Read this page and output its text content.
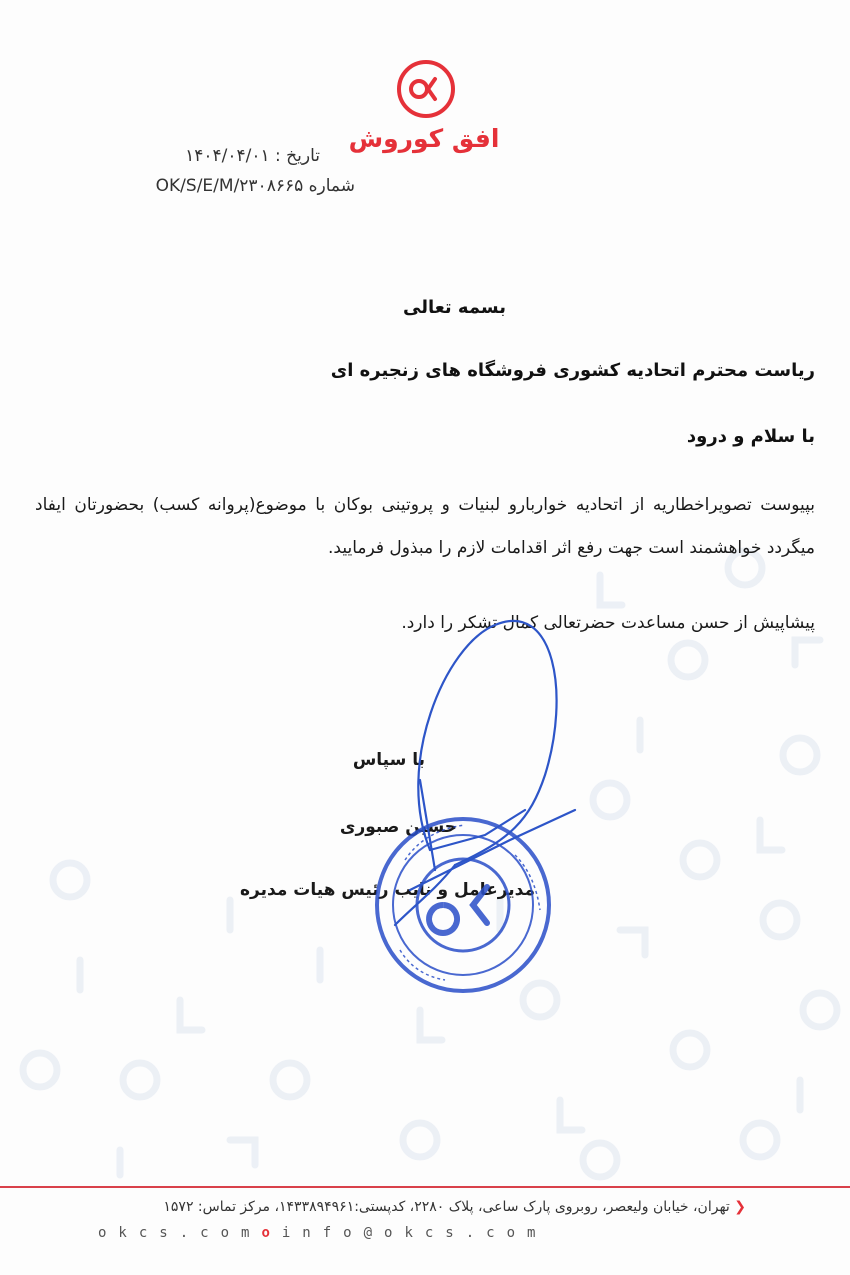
افق کوروش
تاریخ : ۱۴۰۴/۰۴/۰۱
شماره OK/S/E/M/۲۳۰۸۶۶۵
بسمه تعالی
ریاست محترم اتحادیه کشوری فروشگاه های زنجیره ای
با سلام و درود

بپیوست تصویراخطاریه از اتحادیه خواربارو لبنیات و پروتینی بوکان با موضوع(پروانه کسب) بحضورتان ایفاد میگردد خواهشمند است جهت رفع اثر اقدامات لازم را مبذول فرمایید.

پیشاپیش از حسن مساعدت حضرتعالی کمال تشکر را دارد.
با سپاس
حسین صبوری
مدیرعامل و نایب رئیس هیات مدیره
❮ تهران، خیابان ولیعصر، روبروی پارک ساعی، پلاک ۲۲۸۰، کدپستی:۱۴۳۳۸۹۴۹۶۱، مرکز تماس: ۱۵۷۲
okcs.comoinfo@okcs.com
